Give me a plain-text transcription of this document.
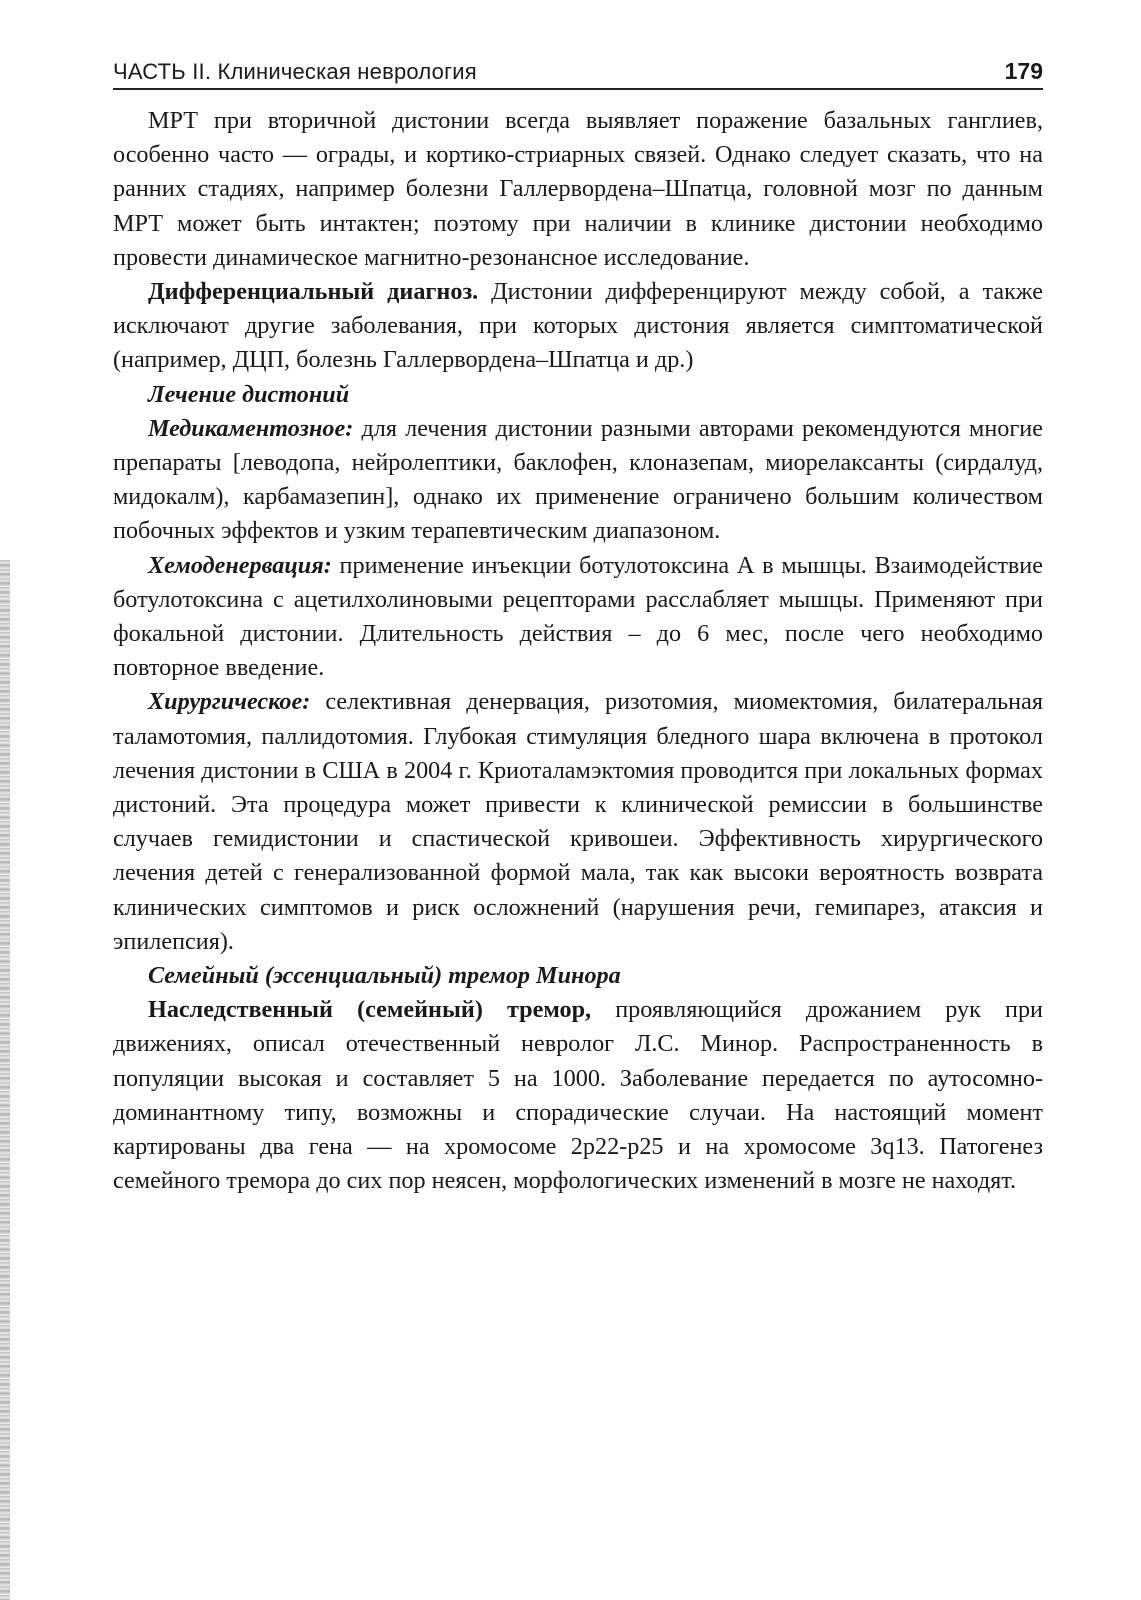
ЧАСТЬ II. Клиническая неврология	179

МРТ при вторичной дистонии всегда выявляет поражение базальных ганглиев, особенно часто — ограды, и кортико-стриарных связей. Однако следует сказать, что на ранних стадиях, например болезни Галлервордена–Шпатца, головной мозг по данным МРТ может быть интактен; поэтому при наличии в клинике дистонии необходимо провести динамическое магнитно-резонансное исследование.

Дифференциальный диагноз. Дистонии дифференцируют между собой, а также исключают другие заболевания, при которых дистония является симптоматической (например, ДЦП, болезнь Галлервордена–Шпатца и др.)

Лечение дистоний

Медикаментозное: для лечения дистонии разными авторами рекомендуются многие препараты [леводопа, нейролептики, баклофен, клоназепам, миорелаксанты (сирдалуд, мидокалм), карбамазепин], однако их применение ограничено большим количеством побочных эффектов и узким терапевтическим диапазоном.

Хемоденервация: применение инъекции ботулотоксина А в мышцы. Взаимодействие ботулотоксина с ацетилхолиновыми рецепторами расслабляет мышцы. Применяют при фокальной дистонии. Длительность действия – до 6 мес, после чего необходимо повторное введение.

Хирургическое: селективная денервация, ризотомия, миомектомия, билатеральная таламотомия, паллидотомия. Глубокая стимуляция бледного шара включена в протокол лечения дистонии в США в 2004 г. Криоталамэктомия проводится при локальных формах дистоний. Эта процедура может привести к клинической ремиссии в большинстве случаев гемидистонии и спастической кривошеи. Эффективность хирургического лечения детей с генерализованной формой мала, так как высоки вероятность возврата клинических симптомов и риск осложнений (нарушения речи, гемипарез, атаксия и эпилепсия).

Семейный (эссенциальный) тремор Минора

Наследственный (семейный) тремор, проявляющийся дрожанием рук при движениях, описал отечественный невролог Л.С. Минор. Распространенность в популяции высокая и составляет 5 на 1000. Заболевание передается по аутосомно-доминантному типу, возможны и спорадические случаи. На настоящий момент картированы два гена — на хромосоме 2p22-p25 и на хромосоме 3q13. Патогенез семейного тремора до сих пор неясен, морфологических изменений в мозге не находят.
